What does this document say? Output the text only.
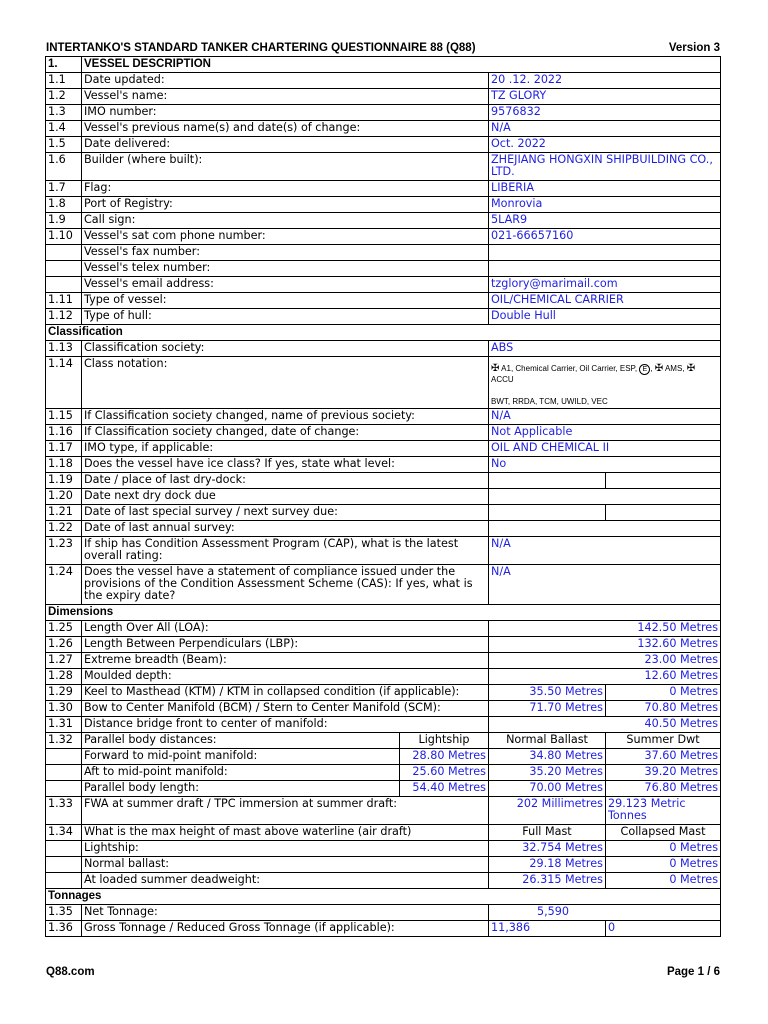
INTERTANKO'S STANDARD TANKER CHARTERING QUESTIONNAIRE 88 (Q88)	Version 3
1.	VESSEL DESCRIPTION			
1.1	Date updated:		20 .12. 2022	
1.2	Vessel's name:		TZ GLORY	
1.3	IMO number:		9576832	
1.4	Vessel's previous name(s) and date(s) of change:		N/A	
1.5	Date delivered:		Oct. 2022	
1.6	Builder (where built):		ZHEJIANG HONGXIN SHIPBUILDING CO., LTD.	
1.7	Flag:		LIBERIA	
1.8	Port of Registry:		Monrovia	
1.9	Call sign:		5LAR9	
1.10	Vessel's sat com phone number:		021-66657160	
	Vessel's fax number:			
	Vessel's telex number:			
	Vessel's email address:		tzglory@marimail.com	
1.11	Type of vessel:		OIL/CHEMICAL CARRIER	
1.12	Type of hull:		Double Hull	
Classification				
1.13	Classification society:		ABS	
1.14	Class notation:		✠ A1, Chemical Carrier, Oil Carrier, ESP, E , ✠ AMS, ✠ ACCU
BWT, RRDA, TCM, UWILD, VEC	

1.15	If Classification society changed, name of previous society:		N/A	
1.16	If Classification society changed, date of change:		Not Applicable	
1.17	IMO type, if applicable:		OIL AND CHEMICAL II	
1.18	Does the vessel have ice class? If yes, state what level:		No	
1.19	Date / place of last dry-dock:			
1.20	Date next dry dock due			
1.21	Date of last special survey / next survey due:			
1.22	Date of last annual survey:			
1.23	If ship has Condition Assessment Program (CAP), what is the latest overall rating:		N/A	
1.24	Does the vessel have a statement of compliance issued under the provisions of the Condition Assessment Scheme (CAS): If yes, what is the expiry date?		N/A	
Dimensions				
1.25	Length Over All (LOA):		142.50 Metres	
1.26	Length Between Perpendiculars (LBP):		132.60 Metres	
1.27	Extreme breadth (Beam):		23.00 Metres	
1.28	Moulded depth:		12.60 Metres	
1.29	Keel to Masthead (KTM) / KTM in collapsed condition (if applicable):		35.50 Metres	0 Metres
1.30	Bow to Center Manifold (BCM) / Stern to Center Manifold (SCM):		71.70 Metres	70.80 Metres
1.31	Distance bridge front to center of manifold:		40.50 Metres	
1.32	Parallel body distances:	Lightship	Normal Ballast	Summer Dwt
	Forward to mid-point manifold:	28.80 Metres	34.80 Metres	37.60 Metres
	Aft to mid-point manifold:	25.60 Metres	35.20 Metres	39.20 Metres
	Parallel body length:	54.40 Metres	70.00 Metres	76.80 Metres
1.33	FWA at summer draft / TPC immersion at summer draft:		202 Millimetres	29.123 Metric Tonnes
1.34	What is the max height of mast above waterline (air draft)		Full Mast	Collapsed Mast
	Lightship:		32.754 Metres	0 Metres
	Normal ballast:		29.18 Metres	0 Metres
	At loaded summer deadweight:		26.315 Metres	0 Metres
Tonnages				
1.35	Net Tonnage:		5,590	
1.36	Gross Tonnage / Reduced Gross Tonnage (if applicable):		11,386	0
Q88.com	Page 1 / 6
